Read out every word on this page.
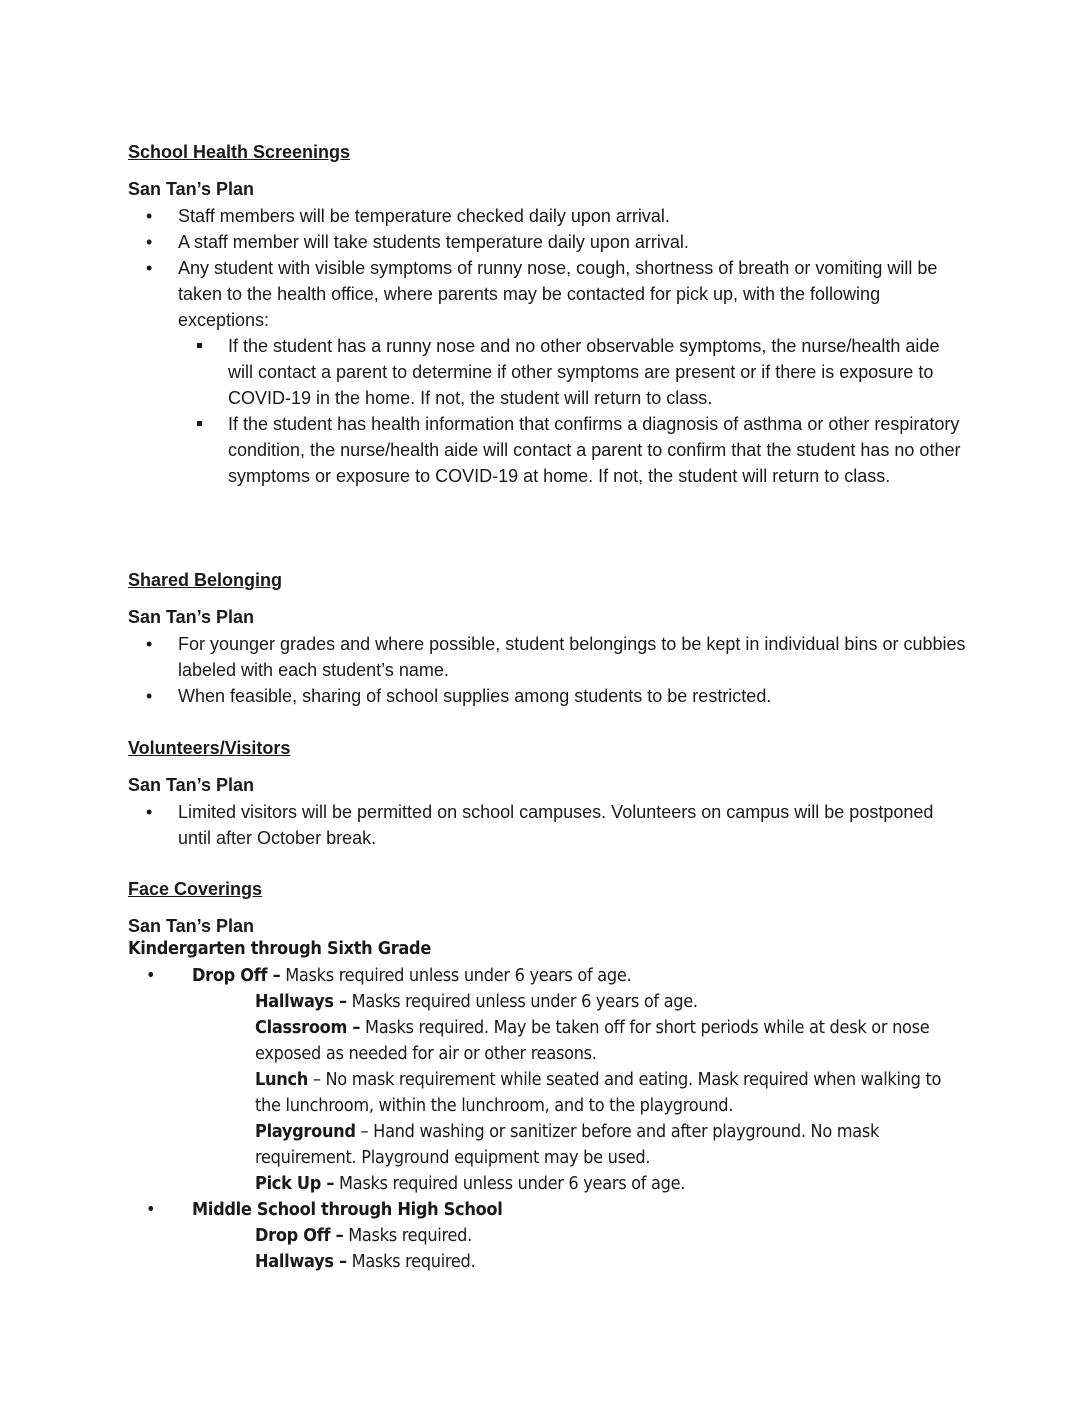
School Health Screenings

San Tan’s Plan

• Staff members will be temperature checked daily upon arrival.
• A staff member will take students temperature daily upon arrival.
• Any student with visible symptoms of runny nose, cough, shortness of breath or vomiting will be taken to the health office, where parents may be contacted for pick up, with the following exceptions:
If the student has a runny nose and no other observable symptoms, the nurse/health aide will contact a parent to determine if other symptoms are present or if there is exposure to COVID-19 in the home. If not, the student will return to class.
If the student has health information that confirms a diagnosis of asthma or other respiratory condition, the nurse/health aide will contact a parent to confirm that the student has no other symptoms or exposure to COVID-19 at home. If not, the student will return to class.

Shared Belonging

San Tan’s Plan

• For younger grades and where possible, student belongings to be kept in individual bins or cubbies labeled with each student’s name.
• When feasible, sharing of school supplies among students to be restricted.

Volunteers/Visitors

San Tan’s Plan

• Limited visitors will be permitted on school campuses. Volunteers on campus will be postponed until after October break.

Face Coverings

San Tan’s Plan

Kindergarten through Sixth Grade

• Drop Off – Masks required unless under 6 years of age.
Hallways – Masks required unless under 6 years of age.
Classroom – Masks required. May be taken off for short periods while at desk or nose exposed as needed for air or other reasons.
Lunch – No mask requirement while seated and eating. Mask required when walking to the lunchroom, within the lunchroom, and to the playground.
Playground – Hand washing or sanitizer before and after playground. No mask requirement. Playground equipment may be used.
Pick Up – Masks required unless under 6 years of age.
• Middle School through High School
Drop Off – Masks required.
Hallways – Masks required.
